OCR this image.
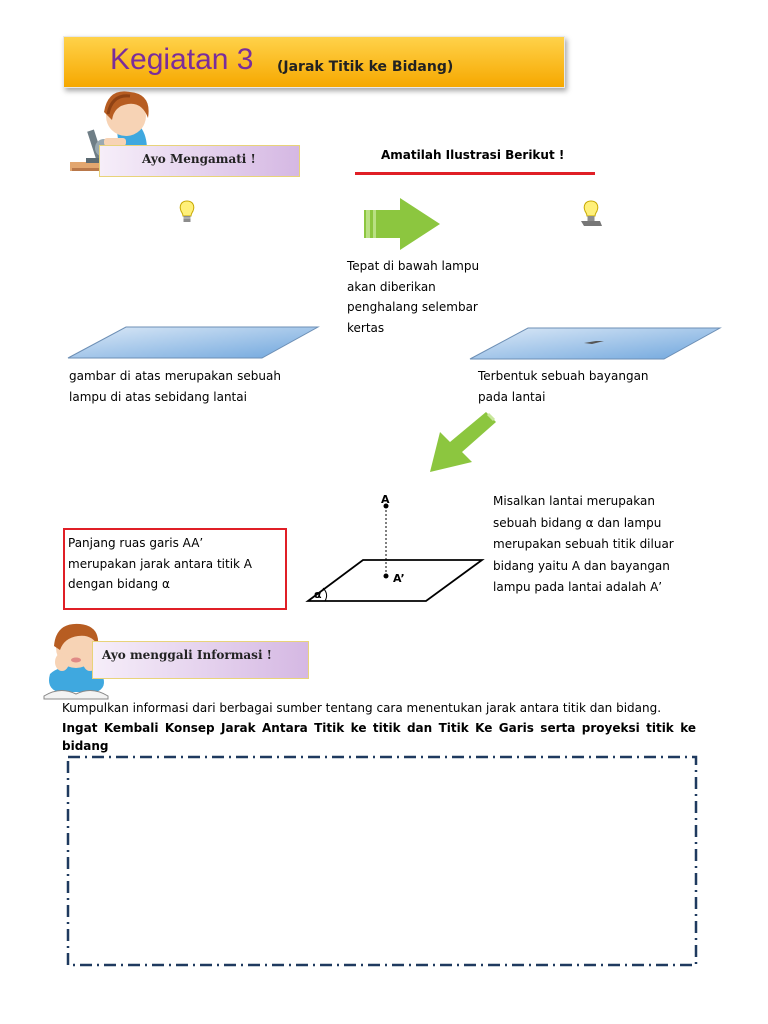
Kegiatan 3 (Jarak Titik ke Bidang)
Ayo Mengamati !	Amatilah Ilustrasi Berikut !
Tepat di bawah lampu
akan diberikan
penghalang selembar
kertas
gambar di atas merupakan sebuah lampu di atas sebidang lantai
Terbentuk sebuah bayangan
pada lantai
Panjang ruas garis AA’
merupakan jarak antara titik A
dengan bidang α
A
A’
α
Misalkan lantai merupakan
sebuah bidang α dan lampu
merupakan sebuah titik diluar
bidang yaitu A dan bayangan
lampu pada lantai adalah A’
Ayo menggali Informasi !
Kumpulkan informasi dari berbagai sumber tentang cara menentukan jarak antara titik dan bidang.
Ingat Kembali Konsep Jarak Antara Titik ke titik dan Titik Ke Garis serta proyeksi titik ke bidang
